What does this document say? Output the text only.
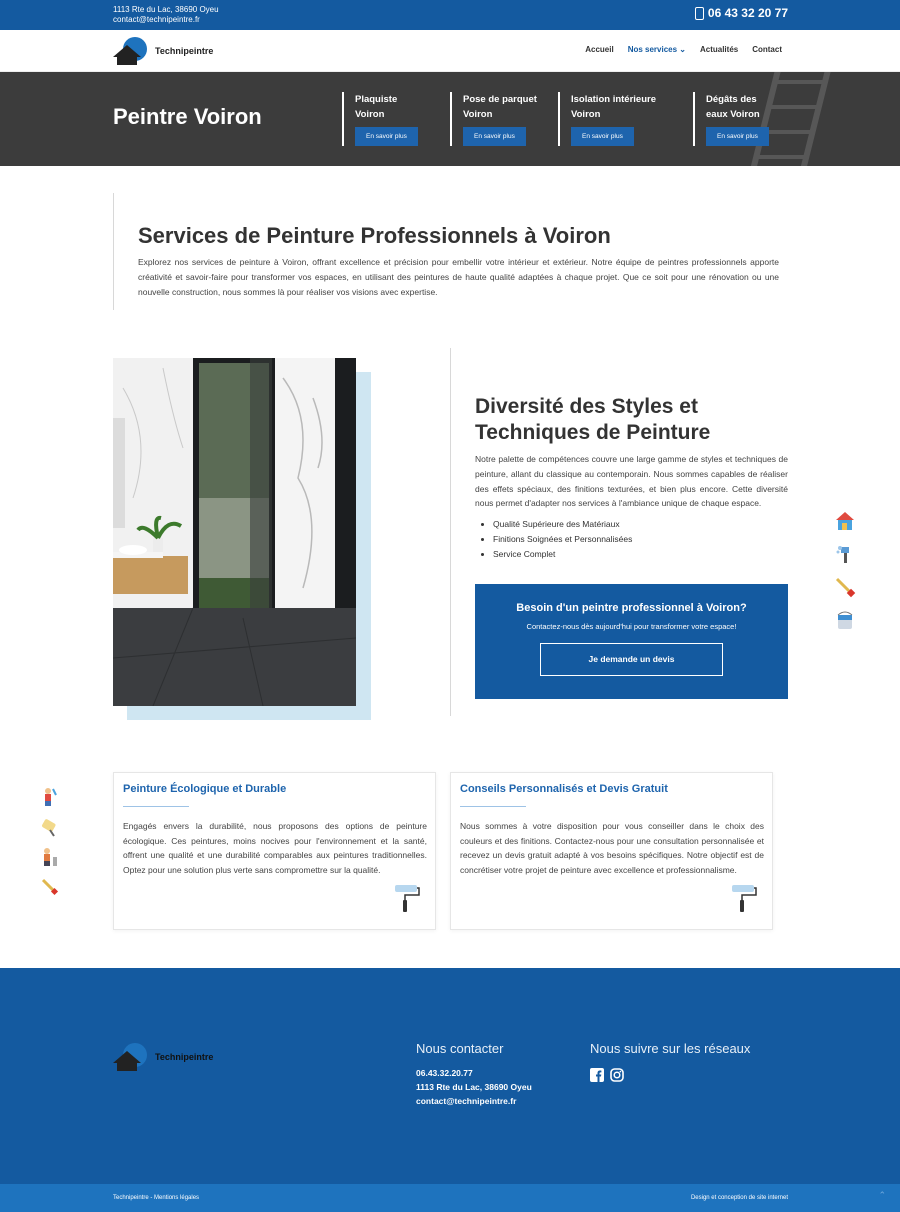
1113 Rte du Lac, 38690 Oyeu
contact@technipeintre.fr	06 43 32 20 77
Technipeintre	Accueil Nos services ⌄ Actualités Contact
Peintre Voiron
Plaquiste
Voiron
En savoir plus
Pose de parquet
Voiron
En savoir plus
Isolation intérieure
Voiron
En savoir plus
Dégâts des
eaux Voiron
En savoir plus
Services de Peinture Professionnels à Voiron

Explorez nos services de peinture à Voiron, offrant excellence et précision pour embellir votre intérieur et extérieur. Notre équipe de peintres professionnels apporte créativité et savoir-faire pour transformer vos espaces, en utilisant des peintures de haute qualité adaptées à chaque projet. Que ce soit pour une rénovation ou une nouvelle construction, nous sommes là pour réaliser vos visions avec expertise.

Diversité des Styles et
Techniques de Peinture

Notre palette de compétences couvre une large gamme de styles et techniques de peinture, allant du classique au contemporain. Nous sommes capables de réaliser des effets spéciaux, des finitions texturées, et bien plus encore. Cette diversité nous permet d'adapter nos services à l'ambiance unique de chaque espace.

• Qualité Supérieure des Matériaux
• Finitions Soignées et Personnalisées
• Service Complet
Besoin d'un peintre professionnel à Voiron?
Contactez-nous dès aujourd'hui pour transformer votre espace!
Je demande un devis
Peinture Écologique et Durable

Engagés envers la durabilité, nous proposons des options de peinture écologique. Ces peintures, moins nocives pour l'environnement et la santé, offrent une qualité et une durabilité comparables aux peintures traditionnelles. Optez pour une solution plus verte sans compromettre sur la qualité.

Conseils Personnalisés et Devis Gratuit

Nous sommes à votre disposition pour vous conseiller dans le choix des couleurs et des finitions. Contactez-nous pour une consultation personnalisée et recevez un devis gratuit adapté à vos besoins spécifiques. Notre objectif est de concrétiser votre projet de peinture avec excellence et professionnalisme.

Technipeintre
Nous contacter
06.43.32.20.77
1113 Rte du Lac, 38690 Oyeu
contact@technipeintre.fr
Nous suivre sur les réseaux
Technipeintre - Mentions légales	Design et conception de site internet	⌃
